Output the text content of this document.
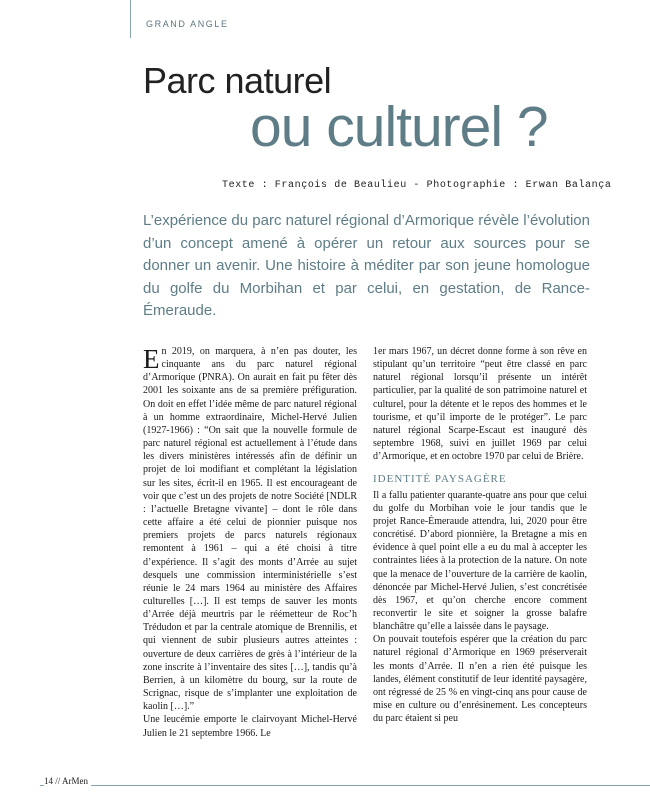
GRAND ANGLE
Parc naturel
ou culturel ?
Texte : François de Beaulieu - Photographie : Erwan Balança
L’expérience du parc naturel régional d’Armorique révèle l’évolution d’un concept amené à opérer un retour aux sources pour se donner un avenir. Une histoire à méditer par son jeune homologue du golfe du Morbihan et par celui, en gestation, de Rance-Émeraude.

En 2019, on marquera, à n’en pas douter, les cinquante ans du parc naturel régional d’Armorique (PNRA). On aurait en fait pu fêter dès 2001 les soixante ans de sa première préfiguration. On doit en effet l’idée même de parc naturel régional à un homme extraordinaire, Michel-Hervé Julien (1927-1966) : “On sait que la nouvelle formule de parc naturel régional est actuellement à l’étude dans les divers ministères intéressés afin de définir un projet de loi modifiant et complétant la législation sur les sites, écrit-il en 1965. Il est encourageant de voir que c’est un des projets de notre Société [NDLR : l’actuelle Bretagne vivante] – dont le rôle dans cette affaire a été celui de pionnier puisque nos premiers projets de parcs naturels régionaux remontent à 1961 – qui a été choisi à titre d’expérience. Il s’agit des monts d’Arrée au sujet desquels une commission interministérielle s’est réunie le 24 mars 1964 au ministère des Affaires culturelles […]. Il est temps de sauver les monts d’Arrée déjà meurtris par le réémetteur de Roc’h Trédudon et par la centrale atomique de Brennilis, et qui viennent de subir plusieurs autres atteintes : ouverture de deux carrières de grès à l’intérieur de la zone inscrite à l’inventaire des sites […], tandis qu’à Berrien, à un kilomètre du bourg, sur la route de Scrignac, risque de s’implanter une exploitation de kaolin […].”

Une leucémie emporte le clairvoyant Michel-Hervé Julien le 21 septembre 1966. Le

1er mars 1967, un décret donne forme à son rêve en stipulant qu’un territoire “peut être classé en parc naturel régional lorsqu’il présente un intérêt particulier, par la qualité de son patrimoine naturel et culturel, pour la détente et le repos des hommes et le tourisme, et qu’il importe de le protéger”. Le parc naturel régional Scarpe-Escaut est inauguré dès septembre 1968, suivi en juillet 1969 par celui d’Armorique, et en octobre 1970 par celui de Brière.

IDENTITÉ PAYSAGÈRE

Il a fallu patienter quarante-quatre ans pour que celui du golfe du Morbihan voie le jour tandis que le projet Rance-Émeraude attendra, lui, 2020 pour être concrétisé. D’abord pionnière, la Bretagne a mis en évidence à quel point elle a eu du mal à accepter les contraintes liées à la protection de la nature. On note que la menace de l’ouverture de la carrière de kaolin, dénoncée par Michel-Hervé Julien, s’est concrétisée dès 1967, et qu’on cherche encore comment reconvertir le site et soigner la grosse balafre blanchâtre qu’elle a laissée dans le paysage.

On pouvait toutefois espérer que la création du parc naturel régional d’Armorique en 1969 préserverait les monts d’Arrée. Il n’en a rien été puisque les landes, élément constitutif de leur identité paysagère, ont régressé de 25 % en vingt-cinq ans pour cause de mise en culture ou d’enrésinement. Les concepteurs du parc étaient si peu

14 // ArMen
